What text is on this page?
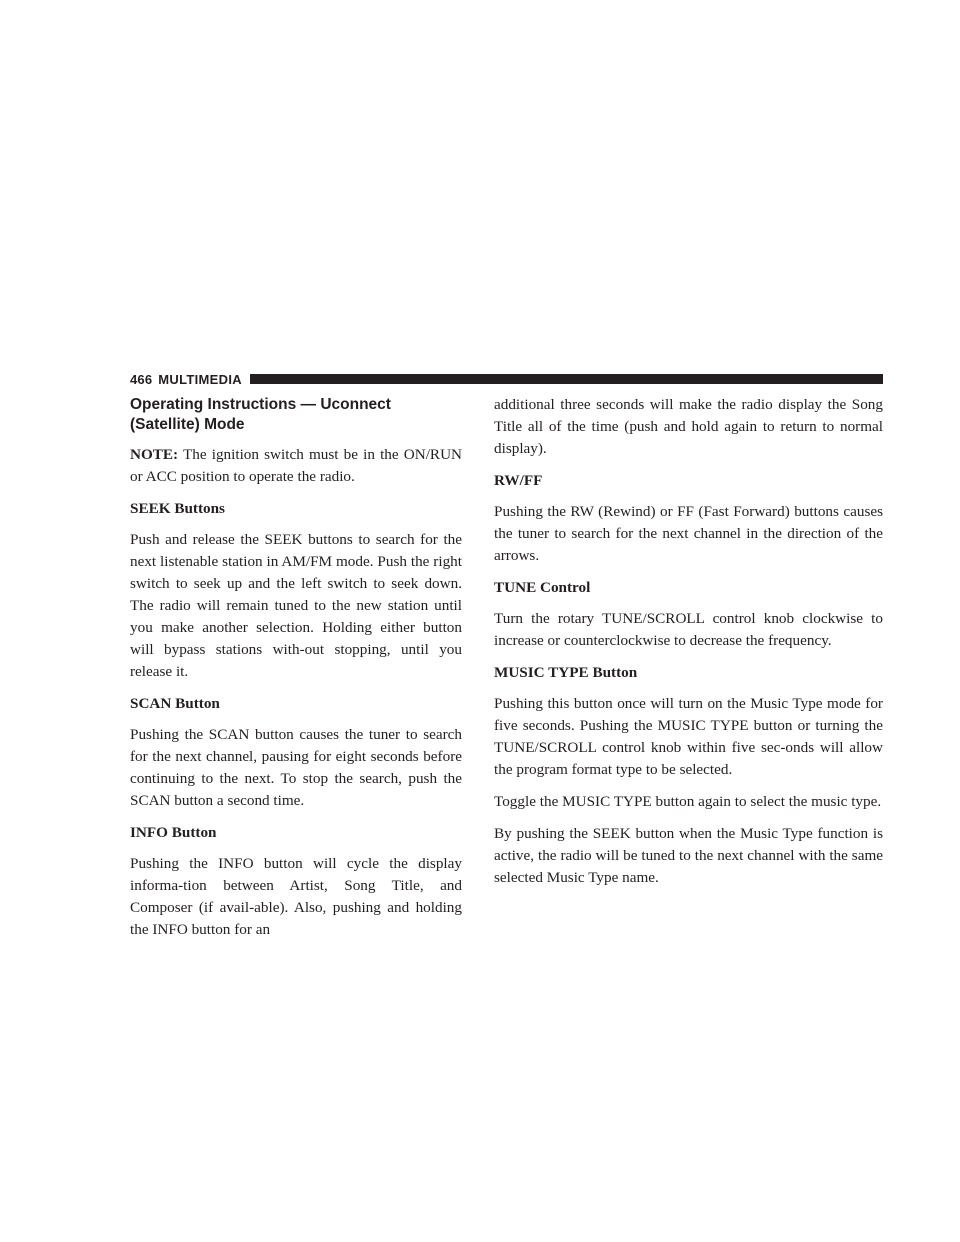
466 MULTIMEDIA
Operating Instructions — Uconnect (Satellite) Mode

NOTE: The ignition switch must be in the ON/RUN or ACC position to operate the radio.

SEEK Buttons

Push and release the SEEK buttons to search for the next listenable station in AM/FM mode. Push the right switch to seek up and the left switch to seek down. The radio will remain tuned to the new station until you make another selection. Holding either button will bypass stations with-out stopping, until you release it.

SCAN Button

Pushing the SCAN button causes the tuner to search for the next channel, pausing for eight seconds before continuing to the next. To stop the search, push the SCAN button a second time.

INFO Button

Pushing the INFO button will cycle the display informa-tion between Artist, Song Title, and Composer (if avail-able). Also, pushing and holding the INFO button for an

additional three seconds will make the radio display the Song Title all of the time (push and hold again to return to normal display).

RW/FF

Pushing the RW (Rewind) or FF (Fast Forward) buttons causes the tuner to search for the next channel in the direction of the arrows.

TUNE Control

Turn the rotary TUNE/SCROLL control knob clockwise to increase or counterclockwise to decrease the frequency.

MUSIC TYPE Button

Pushing this button once will turn on the Music Type mode for five seconds. Pushing the MUSIC TYPE button or turning the TUNE/SCROLL control knob within five sec-onds will allow the program format type to be selected.

Toggle the MUSIC TYPE button again to select the music type.

By pushing the SEEK button when the Music Type function is active, the radio will be tuned to the next channel with the same selected Music Type name.
